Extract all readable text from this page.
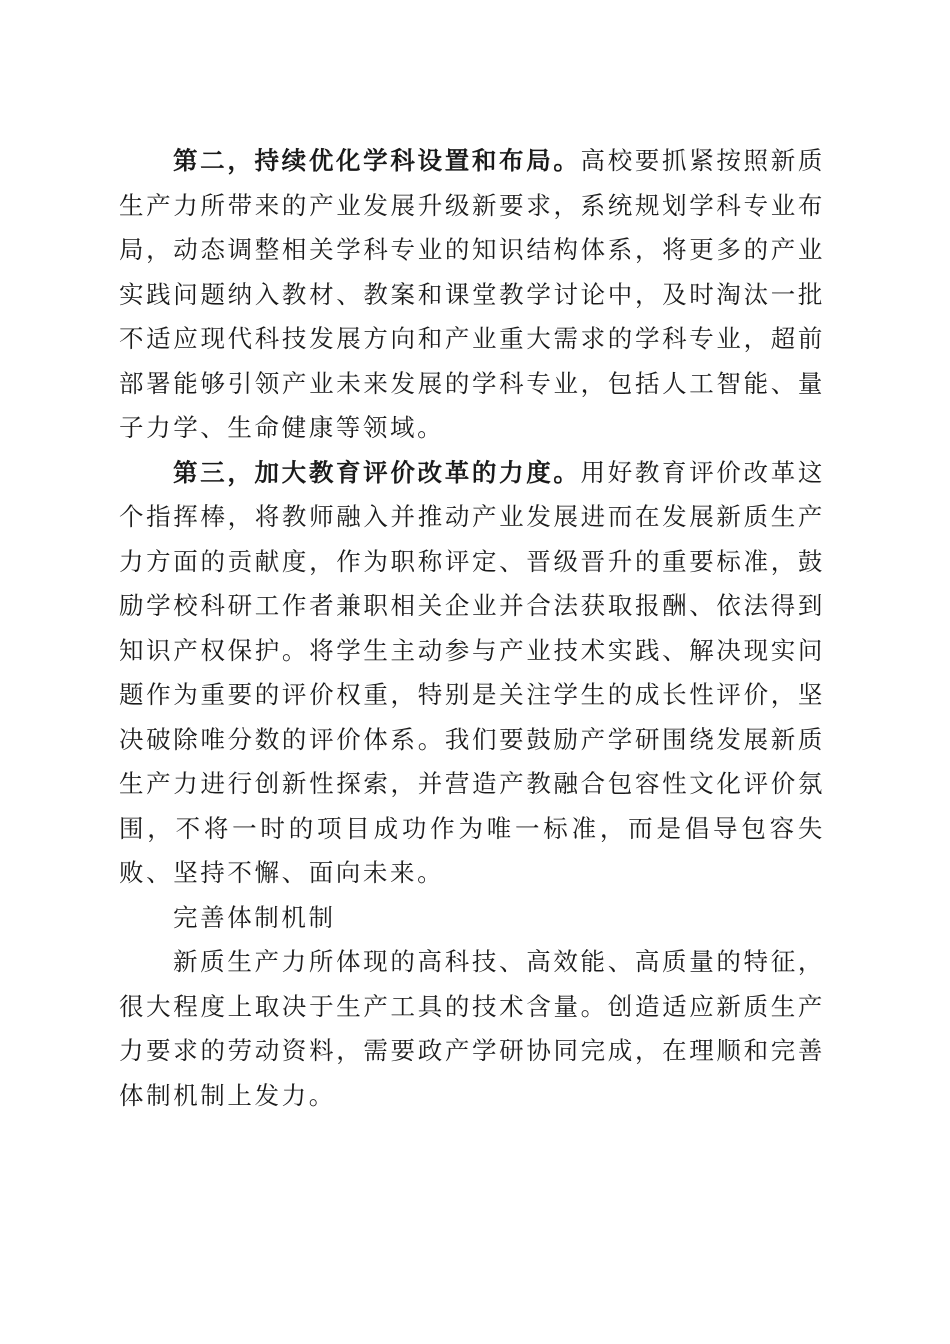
第二，持续优化学科设置和布局。高校要抓紧按照新质生产力所带来的产业发展升级新要求，系统规划学科专业布局，动态调整相关学科专业的知识结构体系，将更多的产业实践问题纳入教材、教案和课堂教学讨论中，及时淘汰一批不适应现代科技发展方向和产业重大需求的学科专业，超前部署能够引领产业未来发展的学科专业，包括人工智能、量子力学、生命健康等领域。

第三，加大教育评价改革的力度。用好教育评价改革这个指挥棒，将教师融入并推动产业发展进而在发展新质生产力方面的贡献度，作为职称评定、晋级晋升的重要标准，鼓励学校科研工作者兼职相关企业并合法获取报酬、依法得到知识产权保护。将学生主动参与产业技术实践、解决现实问题作为重要的评价权重，特别是关注学生的成长性评价，坚决破除唯分数的评价体系。我们要鼓励产学研围绕发展新质生产力进行创新性探索，并营造产教融合包容性文化评价氛围，不将一时的项目成功作为唯一标准，而是倡导包容失败、坚持不懈、面向未来。

完善体制机制

新质生产力所体现的高科技、高效能、高质量的特征，很大程度上取决于生产工具的技术含量。创造适应新质生产力要求的劳动资料，需要政产学研协同完成，在理顺和完善体制机制上发力。
